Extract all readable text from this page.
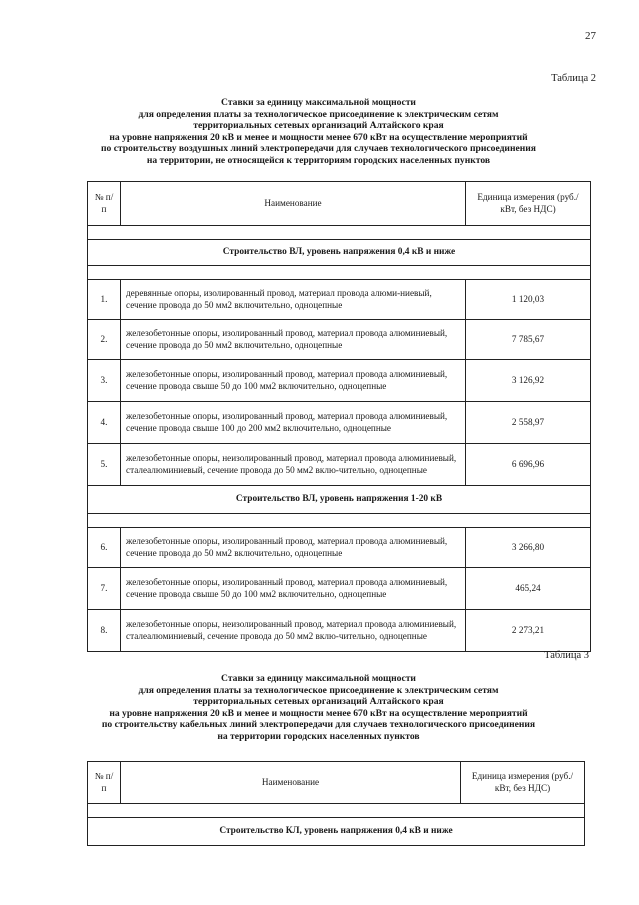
27
Таблица 2
Ставки за единицу максимальной мощности
для определения платы за технологическое присоединение к электрическим сетям
территориальных сетевых организаций Алтайского края
на уровне напряжения 20 кВ и менее и мощности менее 670 кВт на осуществление мероприятий
по строительству воздушных линий электропередачи для случаев технологического присоединения
на территории, не относящейся к территориям городских населенных пунктов
№ п/п	Наименование	Единица измерения (руб./кВт, без НДС)

Строительство ВЛ, уровень напряжения 0,4 кВ и ниже		

1.	деревянные опоры, изолированный провод, материал провода алюми-ниевый, сечение провода до 50 мм2 включительно, одноцепные	1 120,03
2.	железобетонные опоры, изолированный провод, материал провода алюминиевый, сечение провода до 50 мм2 включительно, одноцепные	7 785,67
3.	железобетонные опоры, изолированный провод, материал провода алюминиевый, сечение провода свыше 50 до 100 мм2 включительно, одноцепные	3 126,92
4.	железобетонные опоры, изолированный провод, материал провода алюминиевый, сечение провода свыше 100 до 200 мм2 включительно, одноцепные	2 558,97
5.	железобетонные опоры, неизолированный провод, материал провода алюминиевый, сталеалюминиевый, сечение провода до 50 мм2 вклю-чительно, одноцепные	6 696,96
Строительство ВЛ, уровень напряжения 1-20 кВ		

6.	железобетонные опоры, изолированный провод, материал провода алюминиевый, сечение провода до 50 мм2 включительно, одноцепные	3 266,80
7.	железобетонные опоры, изолированный провод, материал провода алюминиевый, сечение провода свыше 50 до 100 мм2 включительно, одноцепные	465,24
8.	железобетонные опоры, неизолированный провод, материал провода алюминиевый, сталеалюминиевый, сечение провода до 50 мм2 вклю-чительно, одноцепные	2 273,21
Таблица 3
Ставки за единицу максимальной мощности
для определения платы за технологическое присоединение к электрическим сетям
территориальных сетевых организаций Алтайского края
на уровне напряжения 20 кВ и менее и мощности менее 670 кВт на осуществление мероприятий
по строительству кабельных линий электропередачи для случаев технологического присоединения
на территории городских населенных пунктов
№ п/п	Наименование	Единица измерения (руб./кВт, без НДС)

Строительство КЛ, уровень напряжения 0,4 кВ и ниже		
